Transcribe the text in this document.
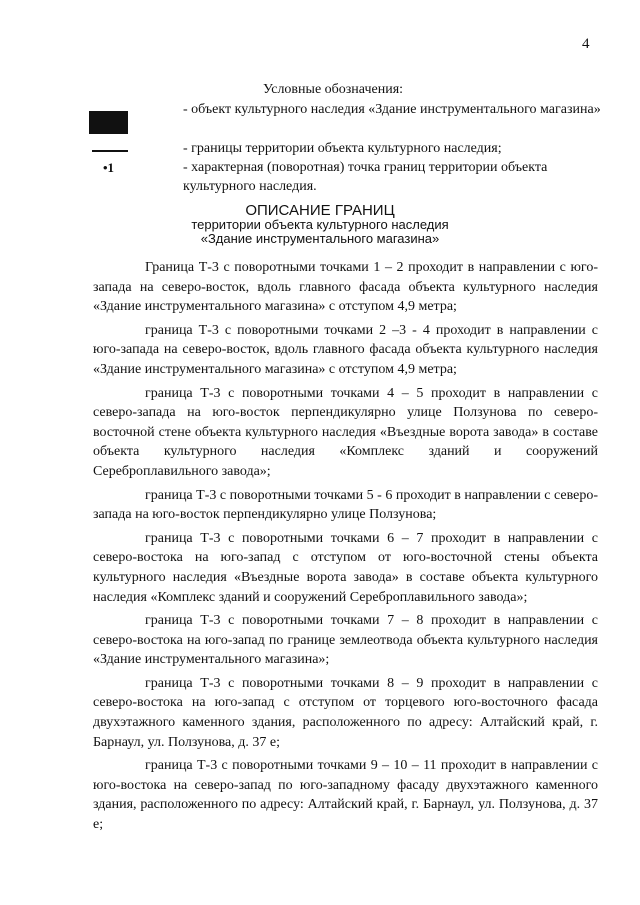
4
Условные обозначения:
- объект культурного наследия «Здание инструментального магазина»
- границы территории объекта культурного наследия;
•1	- характерная (поворотная) точка границ территории объекта культурного наследия.
ОПИСАНИЕ ГРАНИЦ
территории объекта культурного наследия
«Здание инструментального магазина»

Граница Т-3 с поворотными точками 1 – 2 проходит в направлении с юго-запада на северо-восток, вдоль главного фасада объекта культурного наследия «Здание инструментального магазина» с отступом 4,9 метра;

граница Т-3 с поворотными точками 2 –3 - 4 проходит в направлении с юго-запада на северо-восток, вдоль главного фасада объекта культурного наследия «Здание инструментального магазина» с отступом 4,9 метра;

граница Т-3 с поворотными точками 4 – 5 проходит в направлении с северо-запада на юго-восток перпендикулярно улице Ползунова по северо-восточной стене объекта культурного наследия «Въездные ворота завода» в составе объекта культурного наследия «Комплекс зданий и сооружений Сереброплавильного завода»;

граница Т-3 с поворотными точками 5 - 6 проходит в направлении с северо-запада на юго-восток перпендикулярно улице Ползунова;

граница Т-3 с поворотными точками 6 – 7 проходит в направлении с северо-востока на юго-запад с отступом от юго-восточной стены объекта культурного наследия «Въездные ворота завода» в составе объекта культурного наследия «Комплекс зданий и сооружений Сереброплавильного завода»;

граница Т-3 с поворотными точками 7 – 8 проходит в направлении с северо-востока на юго-запад по границе землеотвода объекта культурного наследия «Здание инструментального магазина»;

граница Т-3 с поворотными точками 8 – 9 проходит в направлении с северо-востока на юго-запад с отступом от торцевого юго-восточного фасада двухэтажного каменного здания, расположенного по адресу: Алтайский край, г. Барнаул, ул. Ползунова, д. 37 е;

граница Т-3 с поворотными точками 9 – 10 – 11 проходит в направлении с юго-востока на северо-запад по юго-западному фасаду двухэтажного каменного здания, расположенного по адресу: Алтайский край, г. Барнаул, ул. Ползунова, д. 37 е;
